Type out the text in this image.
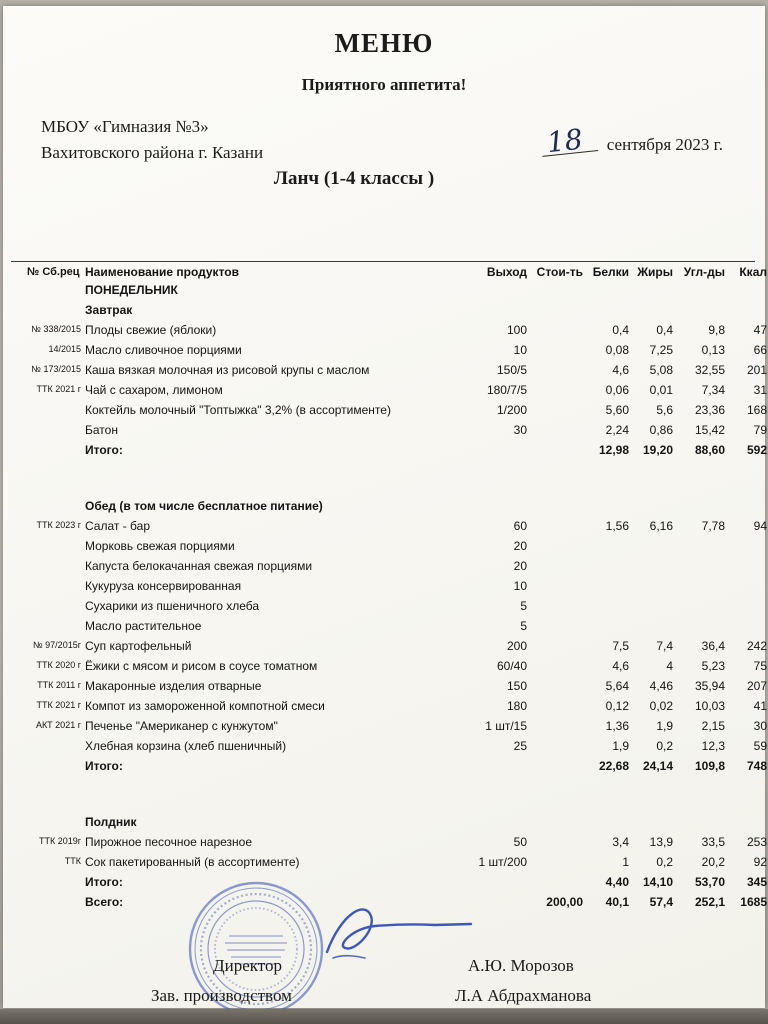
МЕНЮ
Приятного аппетита!
МБОУ «Гимназия №3»
Вахитовского района г. Казани	18 сентября 2023 г.
Ланч (1-4 классы )
№ Сб.рец	Наименование продуктов	Выход	Стои-ть	Белки	Жиры	Угл-ды	Ккал
	ПОНЕДЕЛЬНИК						
	Завтрак						
№ 338/2015	Плоды свежие (яблоки)	100		0,4	0,4	9,8	47
14/2015	Масло сливочное порциями	10		0,08	7,25	0,13	66
№ 173/2015	Каша вязкая молочная из рисовой крупы с маслом	150/5		4,6	5,08	32,55	201
ТТК 2021 г	Чай с сахаром, лимоном	180/7/5		0,06	0,01	7,34	31
	Коктейль молочный "Топтыжка" 3,2% (в ассортименте)	1/200		5,60	5,6	23,36	168
	Батон	30		2,24	0,86	15,42	79
	Итого:			12,98	19,20	88,60	592

	Обед (в том числе бесплатное питание)						
ТТК 2023 г	Салат - бар	60		1,56	6,16	7,78	94
	Морковь свежая порциями	20					
	Капуста белокачанная свежая порциями	20					
	Кукуруза консервированная	10					
	Сухарики из пшеничного хлеба	5					
	Масло растительное	5					
№ 97/2015г	Суп картофельный	200		7,5	7,4	36,4	242
ТТК 2020 г	Ёжики с мясом и рисом в соусе томатном	60/40		4,6	4	5,23	75
ТТК 2011 г	Макаронные изделия отварные	150		5,64	4,46	35,94	207
ТТК 2021 г	Компот из замороженной компотной смеси	180		0,12	0,02	10,03	41
АКТ 2021 г	Печенье "Американер с кунжутом"	1 шт/15		1,36	1,9	2,15	30
	Хлебная корзина (хлеб пшеничный)	25		1,9	0,2	12,3	59
	Итого:			22,68	24,14	109,8	748

	Полдник						
ТТК 2019г	Пирожное песочное нарезное	50		3,4	13,9	33,5	253
ТТК	Сок пакетированный (в ассортименте)	1 шт/200		1	0,2	20,2	92
	Итого:			4,40	14,10	53,70	345
	Всего:		200,00	40,1	57,4	252,1	1685
Директор	А.Ю. Морозов
Зав. производством	Л.А Абдрахманова
